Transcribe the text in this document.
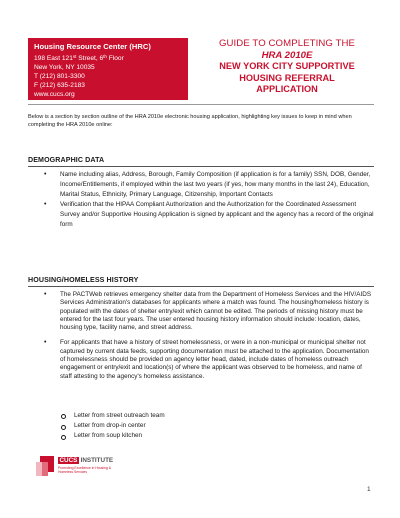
Housing Resource Center (HRC)
198 East 121st Street, 6th Floor
New York, NY 10035
T (212) 801-3300
F (212) 635-2183
www.cucs.org
GUIDE TO COMPLETING THE
HRA 2010E
NEW YORK CITY SUPPORTIVE
HOUSING REFERRAL
APPLICATION
Below is a section by section outline of the HRA 2010e electronic housing application, highlighting key issues to keep in mind when completing the HRA 2010e online:
DEMOGRAPHIC DATA
• Name including alias, Address, Borough, Family Composition (if application is for a family) SSN, DOB, Gender, Income/Entitlements, if employed within the last two years (if yes, how many months in the last 24), Education, Marital Status, Ethnicity, Primary Language, Citizenship, Important Contacts
• Verification that the HIPAA Compliant Authorization and the Authorization for the Coordinated Assessment Survey and/or Supportive Housing Application is signed by applicant and the agency has a record of the original form
HOUSING/HOMELESS HISTORY
• The PACTWeb retrieves emergency shelter data from the Department of Homeless Services and the HIV/AIDS Services Administration's databases for applicants where a match was found. The housing/homeless history is populated with the dates of shelter entry/exit which cannot be edited. The periods of missing history must be entered for the last four years. The user entered housing history information should include: location, dates, housing type, facility name, and street address.
• For applicants that have a history of street homelessness, or were in a non-municipal or municipal shelter not captured by current data feeds, supporting documentation must be attached to the application. Documentation of homelessness should be provided on agency letter head, dated, include dates of homeless outreach engagement or entry/exit and location(s) of where the applicant was observed to be homeless, and name of staff attesting to the agency's homeless assistance.
Letter from street outreach team
Letter from drop-in center
Letter from soup kitchen
CUCS INSTITUTE
Promoting Excellence in Housing & Homeless Services
1
